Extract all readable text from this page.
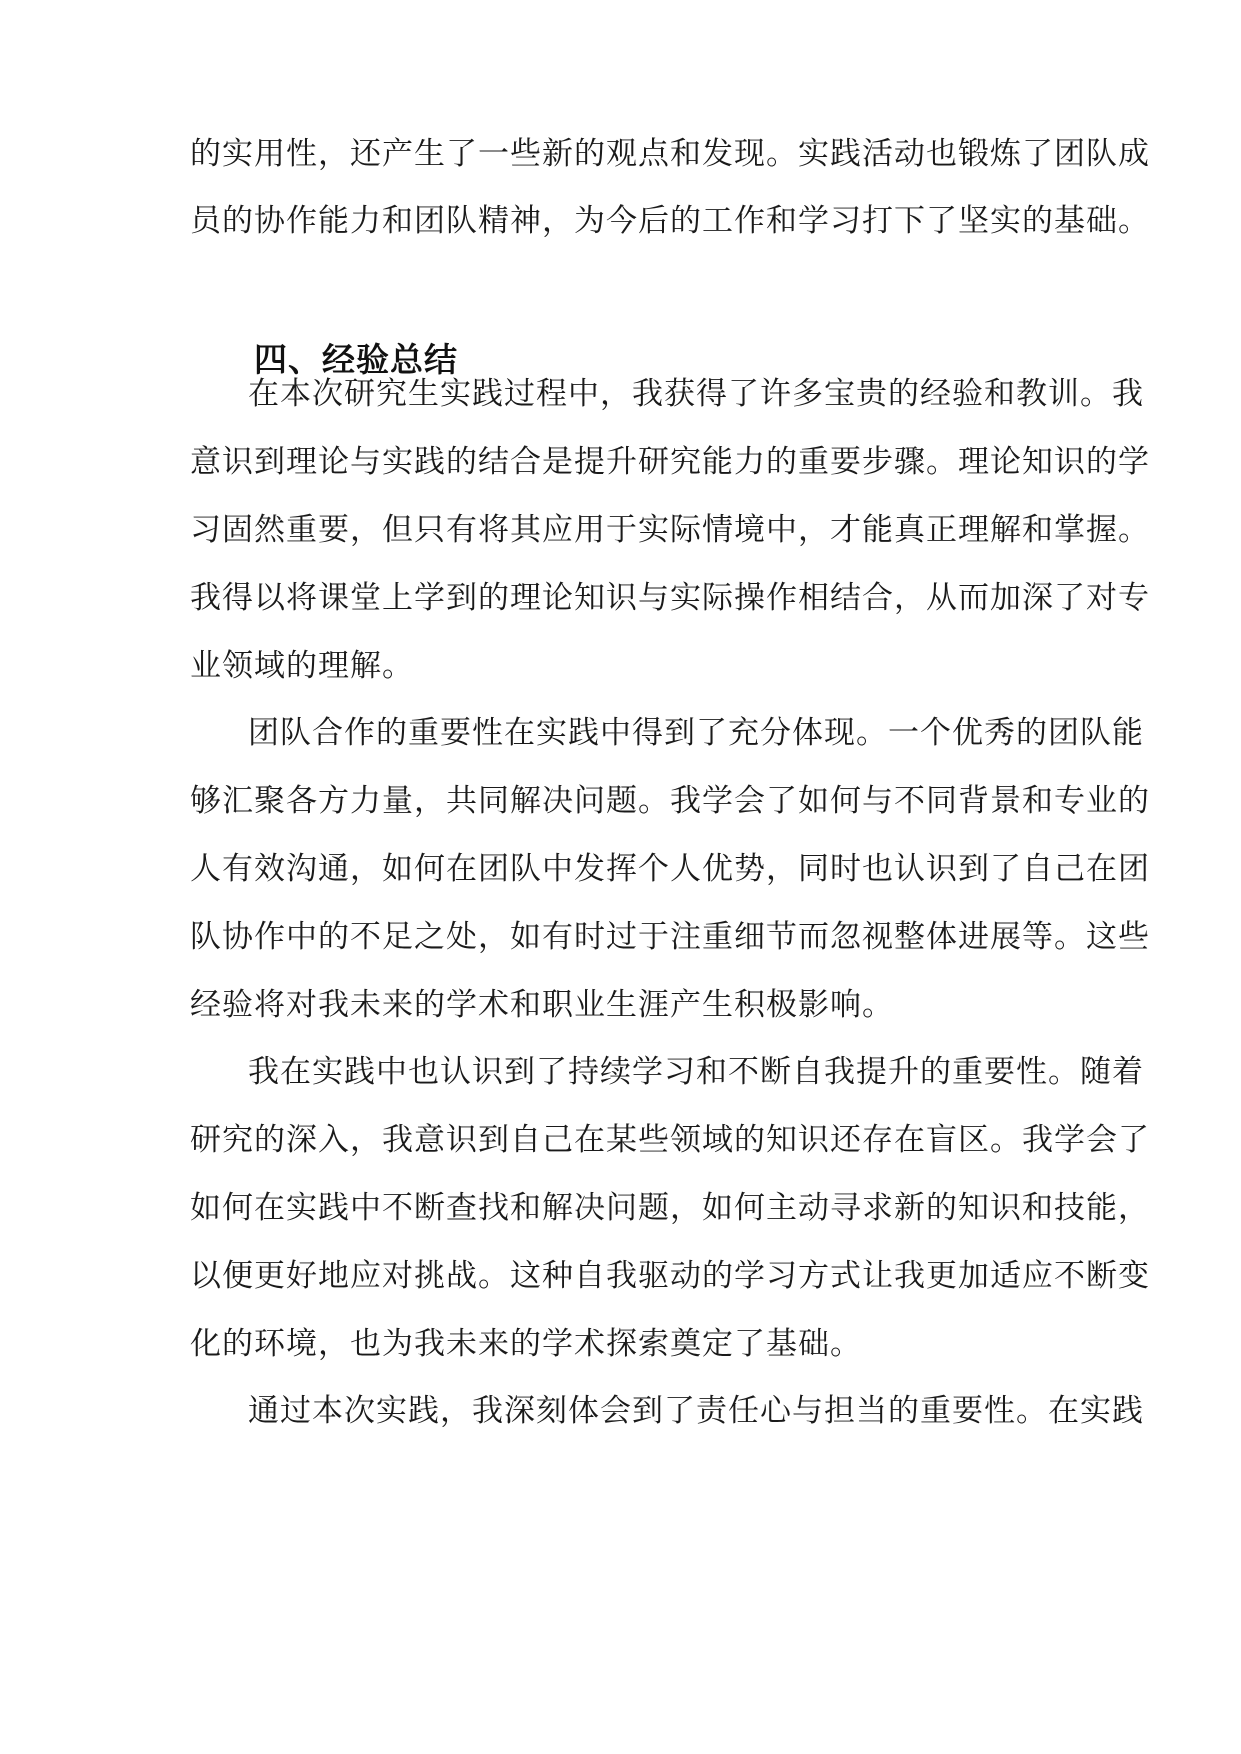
的实用性，还产生了一些新的观点和发现。实践活动也锻炼了团队成
员的协作能力和团队精神，为今后的工作和学习打下了坚实的基础。
四、经验总结
在本次研究生实践过程中，我获得了许多宝贵的经验和教训。我
意识到理论与实践的结合是提升研究能力的重要步骤。理论知识的学
习固然重要，但只有将其应用于实际情境中，才能真正理解和掌握。
我得以将课堂上学到的理论知识与实际操作相结合，从而加深了对专
业领域的理解。
团队合作的重要性在实践中得到了充分体现。一个优秀的团队能
够汇聚各方力量，共同解决问题。我学会了如何与不同背景和专业的
人有效沟通，如何在团队中发挥个人优势，同时也认识到了自己在团
队协作中的不足之处，如有时过于注重细节而忽视整体进展等。这些
经验将对我未来的学术和职业生涯产生积极影响。
我在实践中也认识到了持续学习和不断自我提升的重要性。随着
研究的深入，我意识到自己在某些领域的知识还存在盲区。我学会了
如何在实践中不断查找和解决问题，如何主动寻求新的知识和技能，
以便更好地应对挑战。这种自我驱动的学习方式让我更加适应不断变
化的环境，也为我未来的学术探索奠定了基础。
通过本次实践，我深刻体会到了责任心与担当的重要性。在实践
